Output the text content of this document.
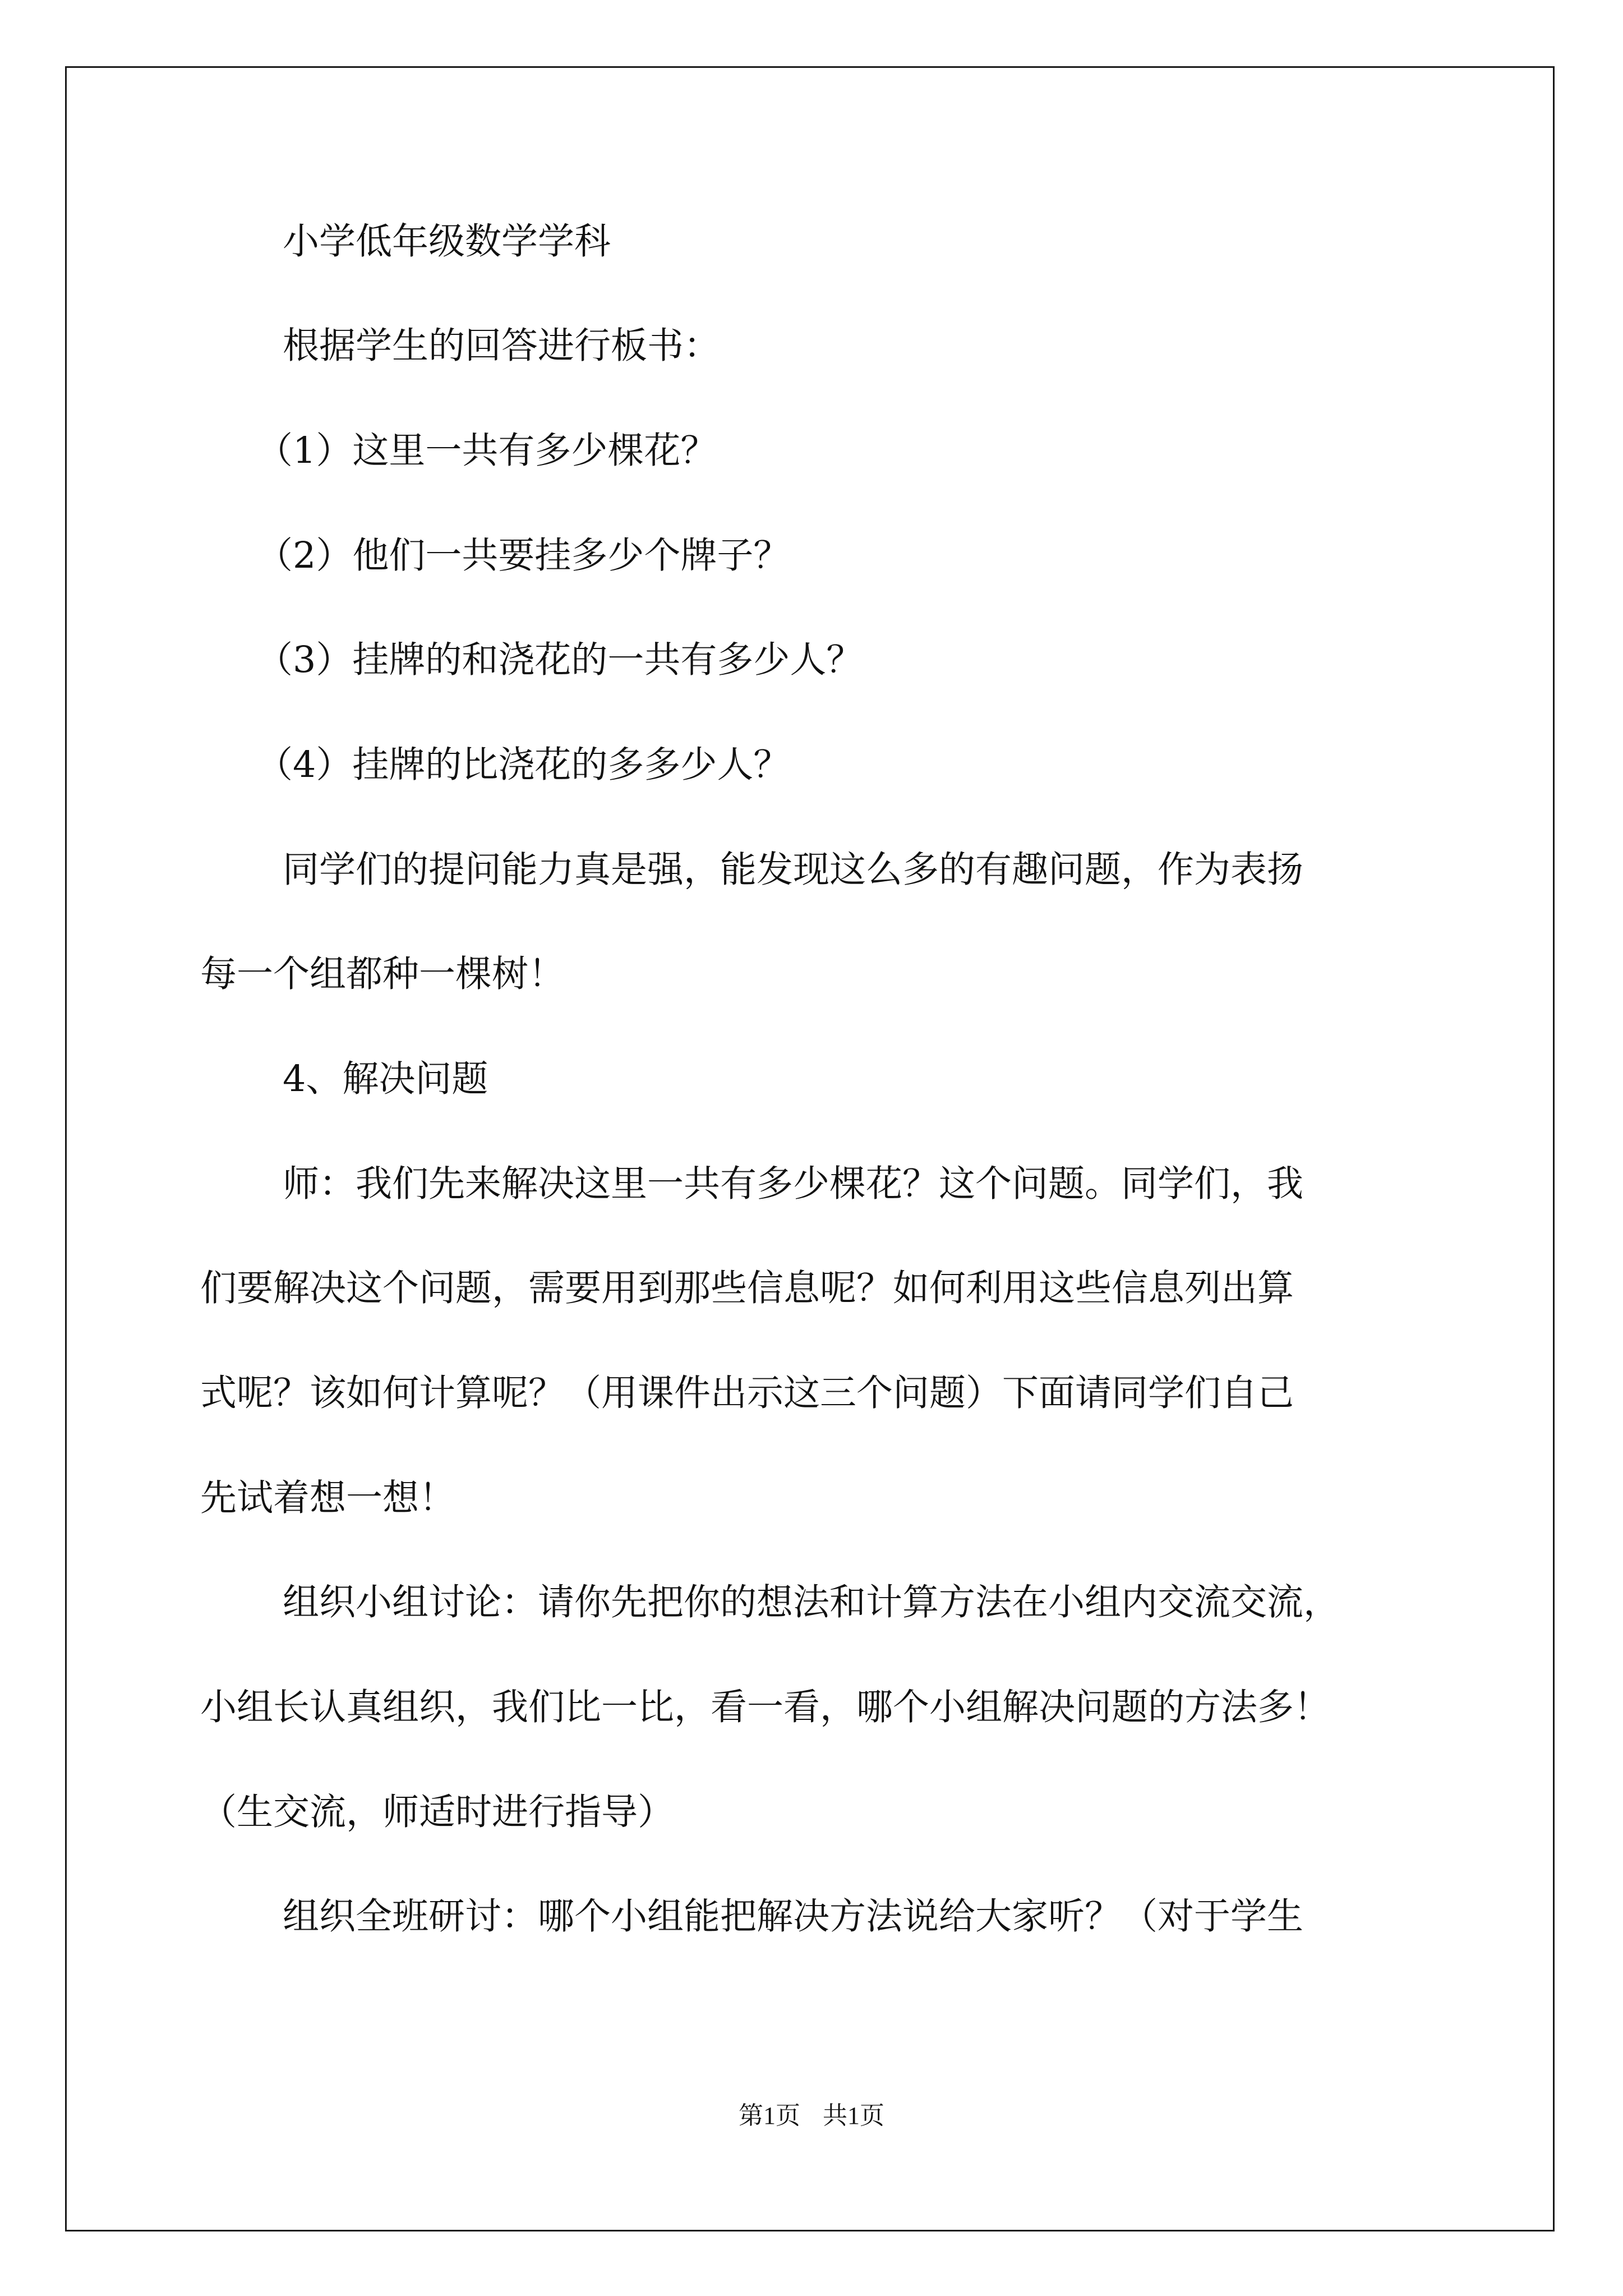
小学低年级数学学科
根据学生的回答进行板书：
（1）这里一共有多少棵花？
（2）他们一共要挂多少个牌子？
（3）挂牌的和浇花的一共有多少人？
（4）挂牌的比浇花的多多少人？
同学们的提问能力真是强，能发现这么多的有趣问题，作为表扬
每一个组都种一棵树！
4、解决问题
师：我们先来解决这里一共有多少棵花？这个问题。同学们，我
们要解决这个问题，需要用到那些信息呢？如何利用这些信息列出算
式呢？该如何计算呢？（用课件出示这三个问题）下面请同学们自己
先试着想一想！
组织小组讨论：请你先把你的想法和计算方法在小组内交流交流，
小组长认真组织，我们比一比，看一看，哪个小组解决问题的方法多！
（生交流，师适时进行指导）
组织全班研讨：哪个小组能把解决方法说给大家听？（对于学生
第1页 共1页
